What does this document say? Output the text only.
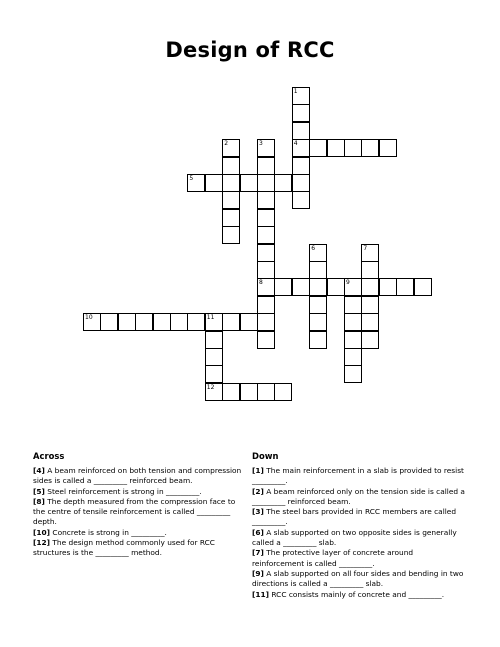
Design of RCC
1
4
2	3
8
5
6	7
9
10	11
12
Across

[4] A beam reinforced on both tension and compression sides is called a _________ reinforced beam.

[5] Steel reinforcement is strong in _________.

[8] The depth measured from the compression face to the centre of tensile reinforcement is called _________ depth.

[10] Concrete is strong in _________.

[12] The design method commonly used for RCC structures is the _________ method.

Down

[1] The main reinforcement in a slab is provided to resist _________.

[2] A beam reinforced only on the tension side is called a _________ reinforced beam.

[3] The steel bars provided in RCC members are called _________.

[6] A slab supported on two opposite sides is generally called a _________ slab.

[7] The protective layer of concrete around reinforcement is called _________.

[9] A slab supported on all four sides and bending in two directions is called a _________ slab.

[11] RCC consists mainly of concrete and _________.
